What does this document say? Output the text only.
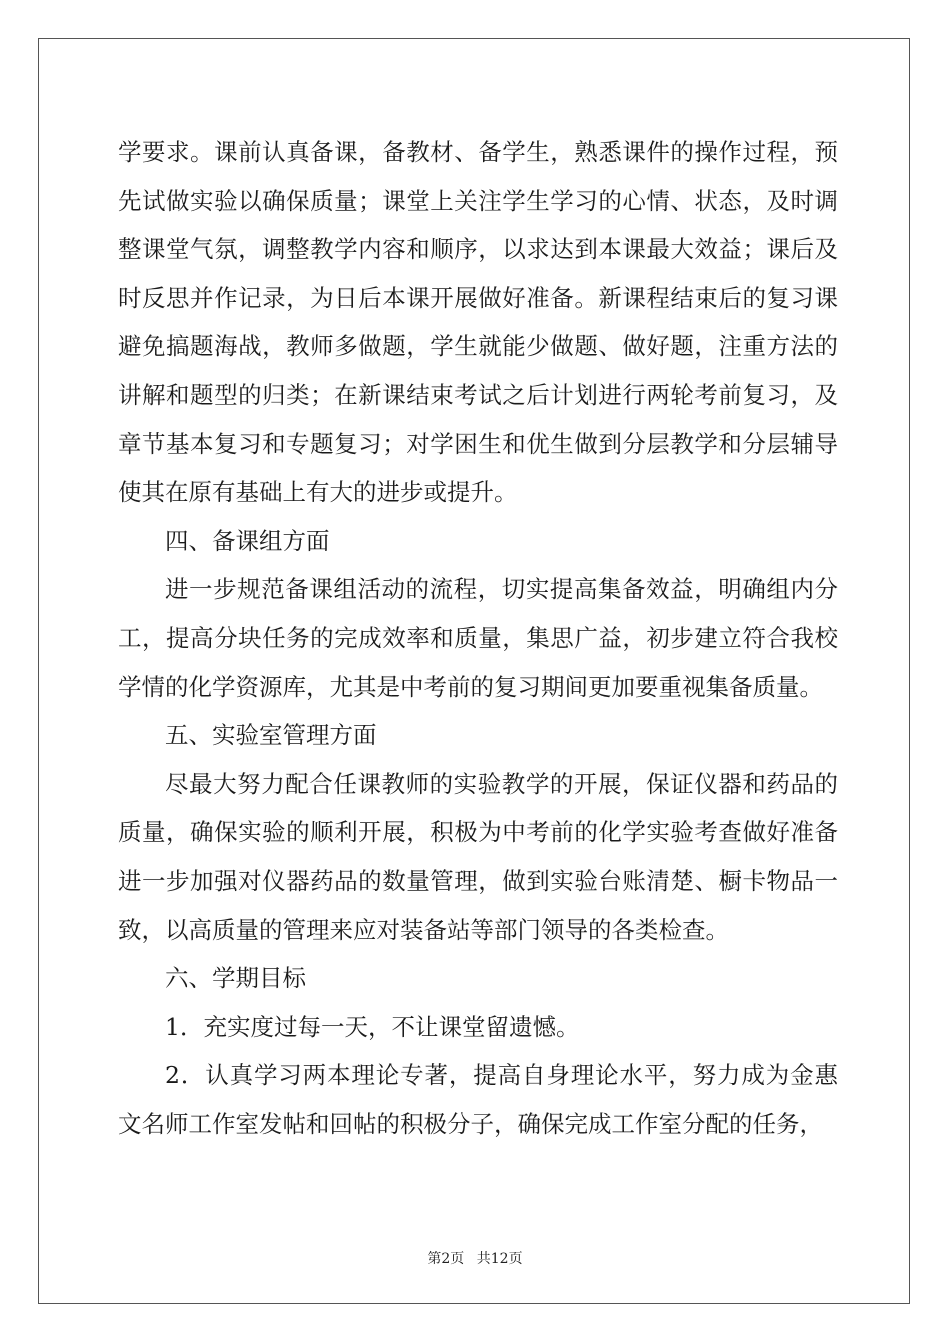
学要求。课前认真备课，备教材、备学生，熟悉课件的操作过程，预
先试做实验以确保质量；课堂上关注学生学习的心情、状态，及时调
整课堂气氛，调整教学内容和顺序，以求达到本课最大效益；课后及
时反思并作记录，为日后本课开展做好准备。新课程结束后的复习课
避免搞题海战，教师多做题，学生就能少做题、做好题，注重方法的
讲解和题型的归类；在新课结束考试之后计划进行两轮考前复习，及
章节基本复习和专题复习；对学困生和优生做到分层教学和分层辅导
使其在原有基础上有大的进步或提升。
四、备课组方面
进一步规范备课组活动的流程，切实提高集备效益，明确组内分
工，提高分块任务的完成效率和质量，集思广益，初步建立符合我校
学情的化学资源库，尤其是中考前的复习期间更加要重视集备质量。
五、实验室管理方面
尽最大努力配合任课教师的实验教学的开展，保证仪器和药品的
质量，确保实验的顺利开展，积极为中考前的化学实验考查做好准备
进一步加强对仪器药品的数量管理，做到实验台账清楚、橱卡物品一
致，以高质量的管理来应对装备站等部门领导的各类检查。
六、学期目标
1．充实度过每一天，不让课堂留遗憾。
2．认真学习两本理论专著，提高自身理论水平，努力成为金惠
文名师工作室发帖和回帖的积极分子，确保完成工作室分配的任务，
第2页 共12页
